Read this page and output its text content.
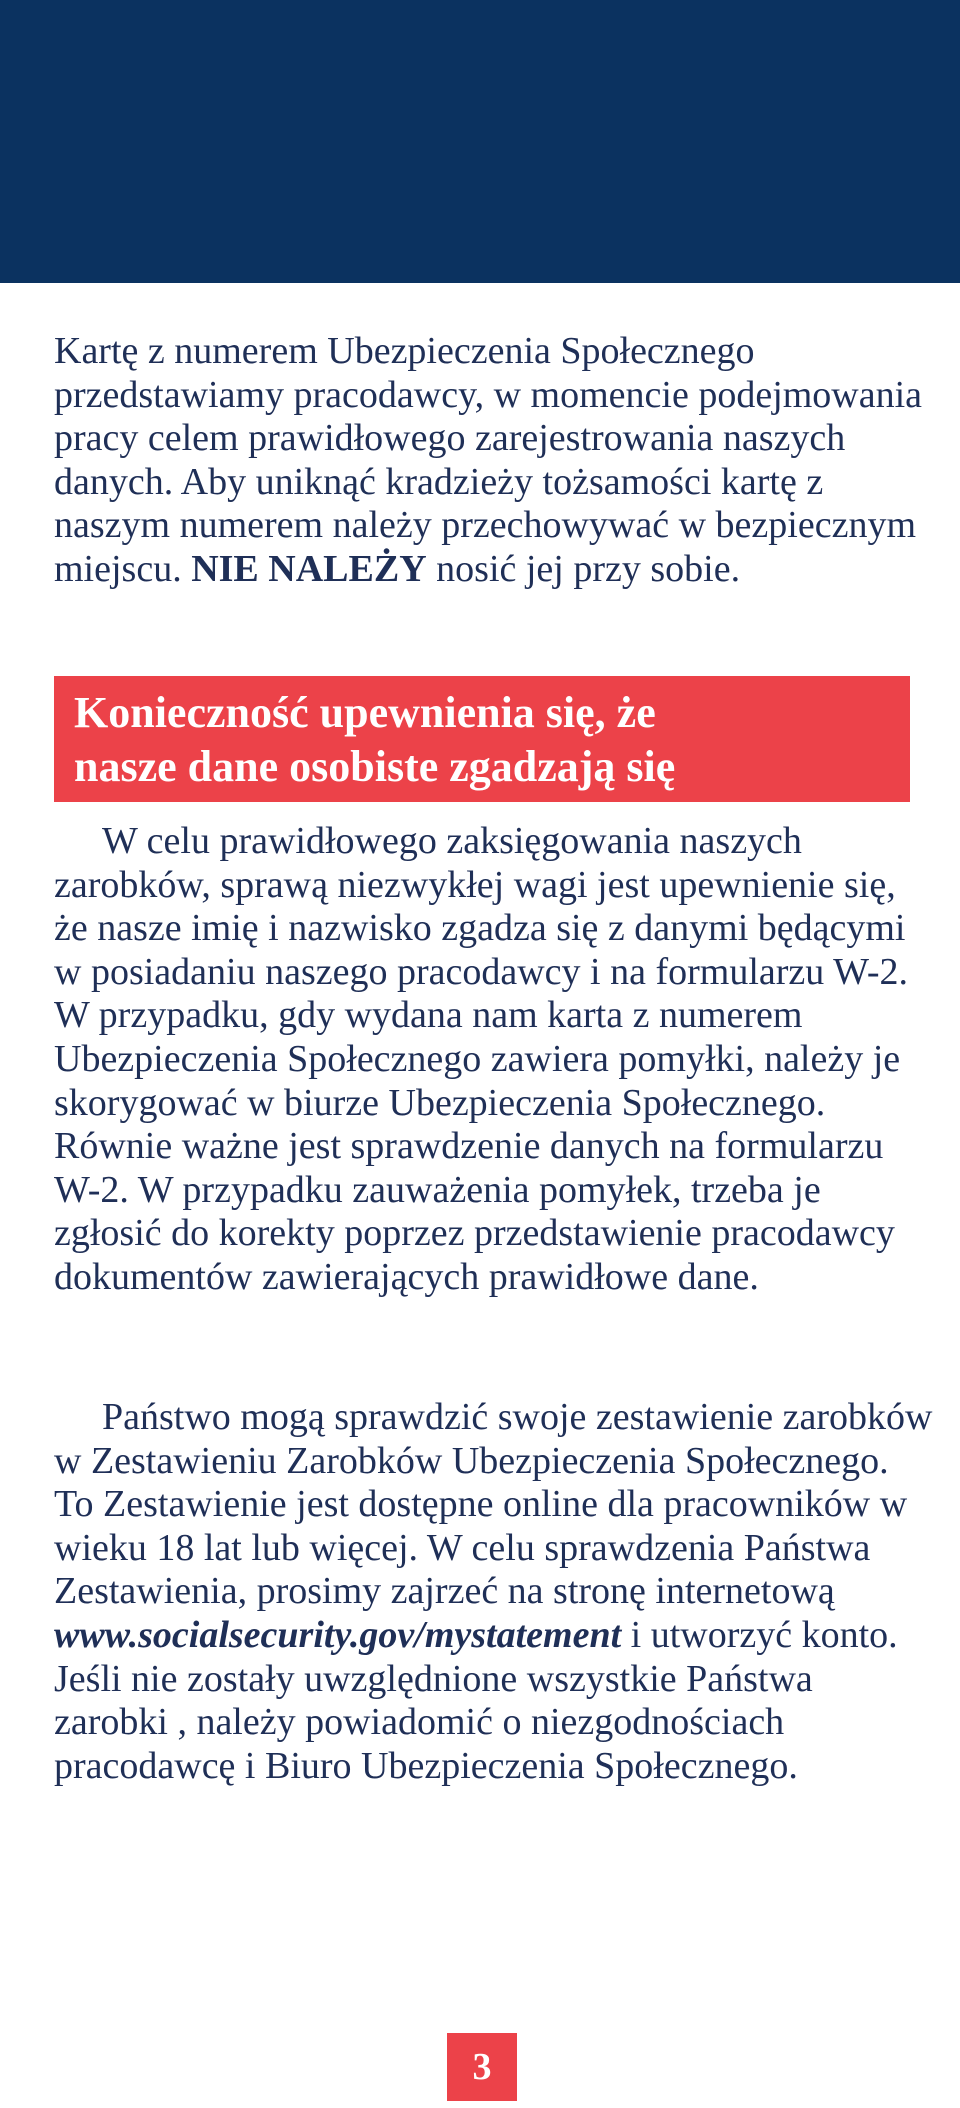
Kartę z numerem Ubezpieczenia Społecznego przedstawiamy pracodawcy, w momencie podejmowania pracy celem prawidłowego zarejestrowania naszych danych. Aby uniknąć kradzieży tożsamości kartę z naszym numerem należy przechowywać w bezpiecznym miejscu. NIE NALEŻY nosić jej przy sobie.

Konieczność upewnienia się, że
nasze dane osobiste zgadzają się

W celu prawidłowego zaksięgowania naszych zarobków, sprawą niezwykłej wagi jest upewnienie się, że nasze imię i nazwisko zgadza się z danymi będącymi w posiadaniu naszego pracodawcy i na formularzu W-2. W przypadku, gdy wydana nam karta z numerem Ubezpieczenia Społecznego zawiera pomyłki, należy je skorygować w biurze Ubezpieczenia Społecznego. Równie ważne jest sprawdzenie danych na formularzu W-2. W przypadku zauważenia pomyłek, trzeba je zgłosić do korekty poprzez przedstawienie pracodawcy dokumentów zawierających prawidłowe dane.

Państwo mogą sprawdzić swoje zestawienie zarobków w Zestawieniu Zarobków Ubezpieczenia Społecznego. To Zestawienie jest dostępne online dla pracowników w wieku 18 lat lub więcej. W celu sprawdzenia Państwa Zestawienia, prosimy zajrzeć na stronę internetową www.socialsecurity.gov/mystatement i utworzyć konto. Jeśli nie zostały uwzględnione wszystkie Państwa zarobki , należy powiadomić o niezgodnościach pracodawcę i Biuro Ubezpieczenia Społecznego.

3
